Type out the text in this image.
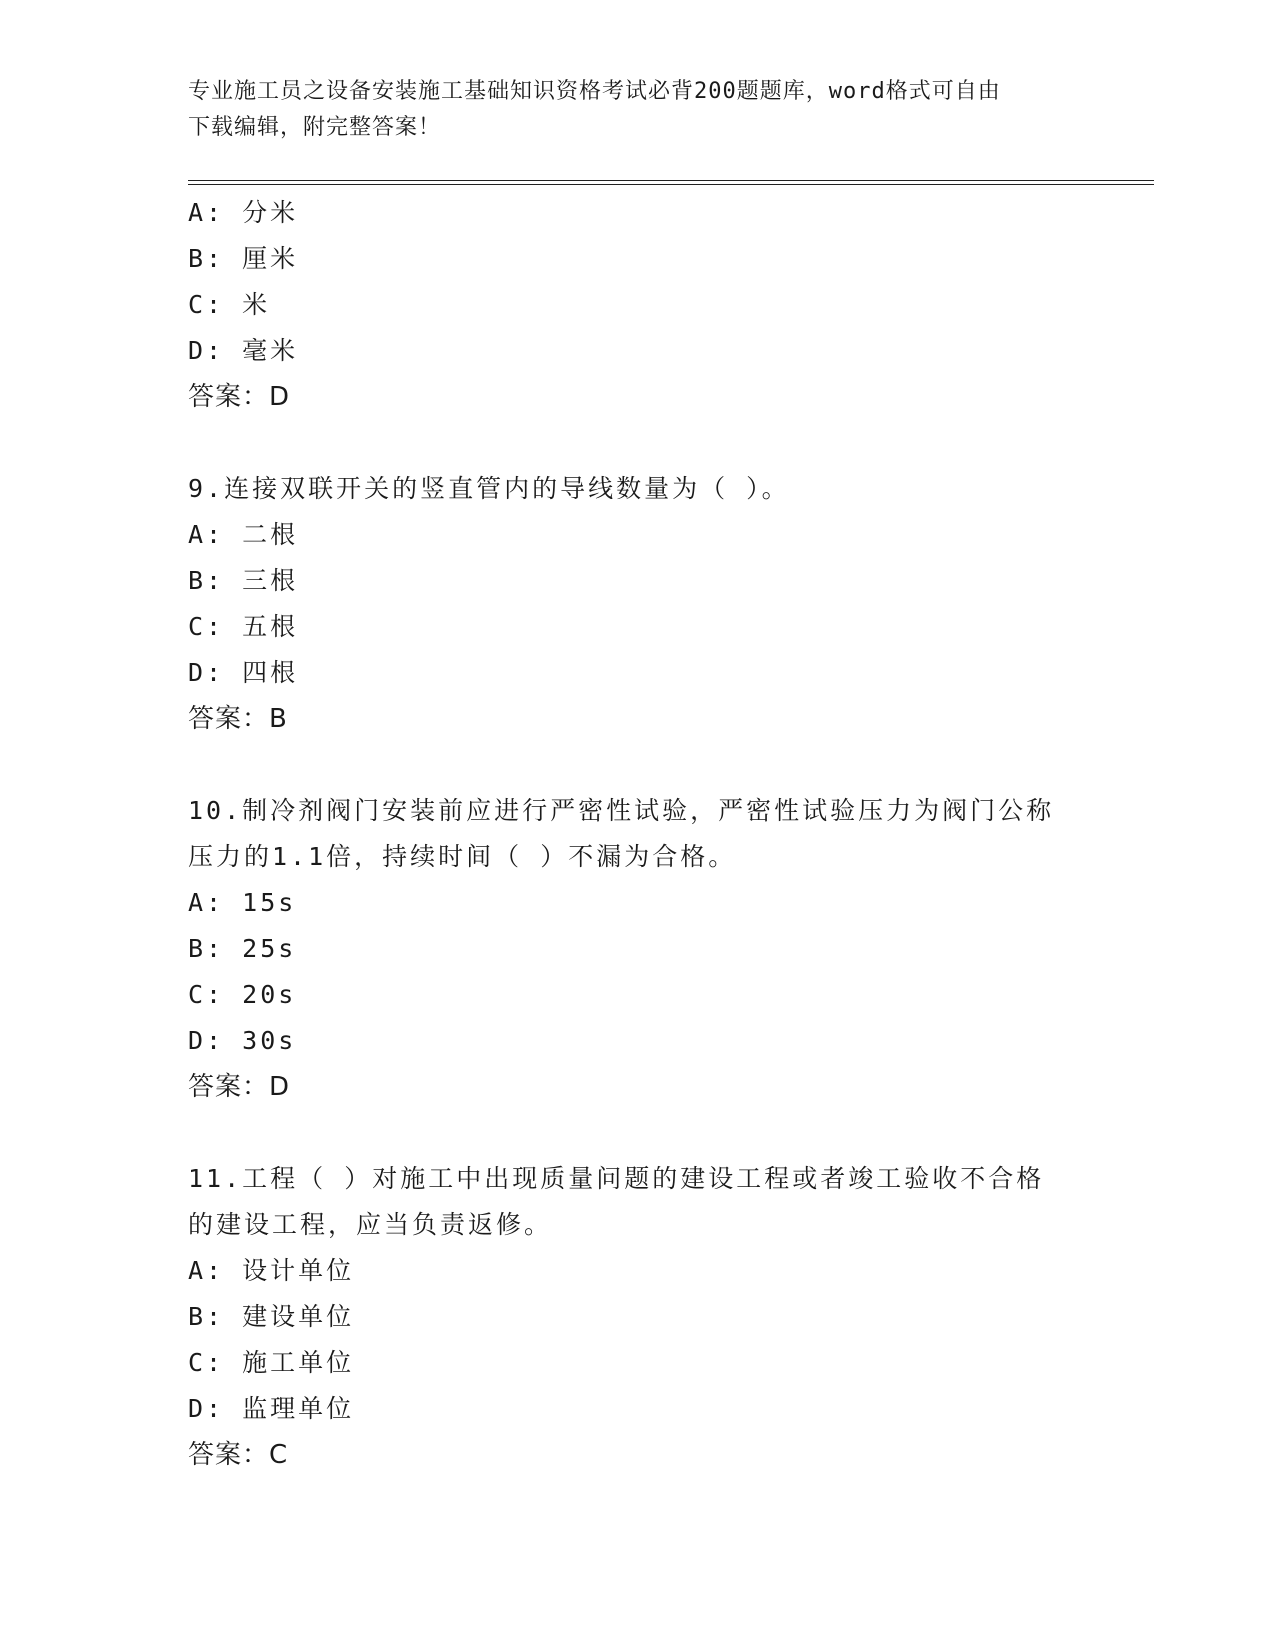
专业施工员之设备安装施工基础知识资格考试必背200题题库，word格式可自由
下载编辑，附完整答案！
A: 分米
B: 厘米
C: 米
D: 毫米
答案：D
9.连接双联开关的竖直管内的导线数量为（ ）。
A: 二根
B: 三根
C: 五根
D: 四根
答案：B
10.制冷剂阀门安装前应进行严密性试验，严密性试验压力为阀门公称
压力的1.1倍，持续时间（ ）不漏为合格。
A: 15s
B: 25s
C: 20s
D: 30s
答案：D
11.工程（ ）对施工中出现质量问题的建设工程或者竣工验收不合格
的建设工程，应当负责返修。
A: 设计单位
B: 建设单位
C: 施工单位
D: 监理单位
答案：C
